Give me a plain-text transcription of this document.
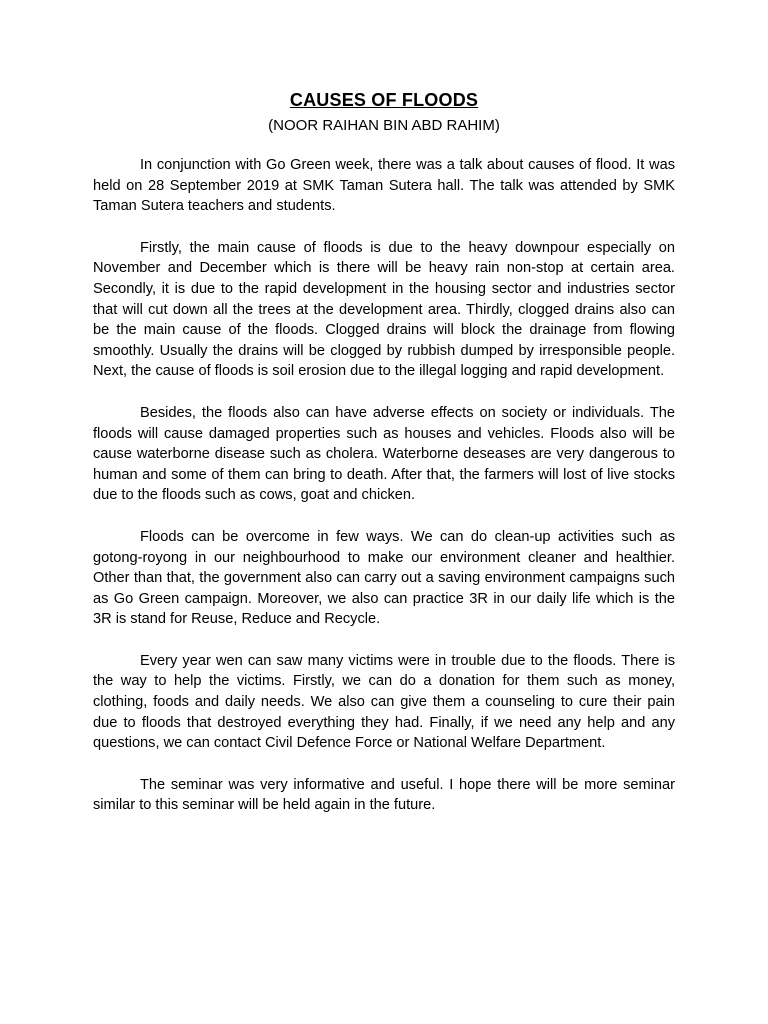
CAUSES OF FLOODS
(NOOR RAIHAN BIN ABD RAHIM)

In conjunction with Go Green week, there was a talk about causes of flood. It was held on 28 September 2019 at SMK Taman Sutera hall. The talk was attended by SMK Taman Sutera teachers and students.

Firstly, the main cause of floods is due to the heavy downpour especially on November and December which is there will be heavy rain non-stop at certain area. Secondly, it is due to the rapid development in the housing sector and industries sector that will cut down all the trees at the development area. Thirdly, clogged drains also can be the main cause of the floods. Clogged drains will block the drainage from flowing smoothly. Usually the drains will be clogged by rubbish dumped by irresponsible people. Next, the cause of floods is soil erosion due to the illegal logging and rapid development.

Besides, the floods also can have adverse effects on society or individuals. The floods will cause damaged properties such as houses and vehicles. Floods also will be cause waterborne disease such as cholera. Waterborne deseases are very dangerous to human and some of them can bring to death. After that, the farmers will lost of live stocks due to the floods such as cows, goat and chicken.

Floods can be overcome in few ways. We can do clean-up activities such as gotong-royong in our neighbourhood to make our environment cleaner and healthier. Other than that, the government also can carry out a saving environment campaigns such as Go Green campaign. Moreover, we also can practice 3R in our daily life which is the 3R is stand for Reuse, Reduce and Recycle.

Every year wen can saw many victims were in trouble due to the floods. There is the way to help the victims. Firstly, we can do a donation for them such as money, clothing, foods and daily needs. We also can give them a counseling to cure their pain due to floods that destroyed everything they had. Finally, if we need any help and any questions, we can contact Civil Defence Force or National Welfare Department.

The seminar was very informative and useful. I hope there will be more seminar similar to this seminar will be held again in the future.
